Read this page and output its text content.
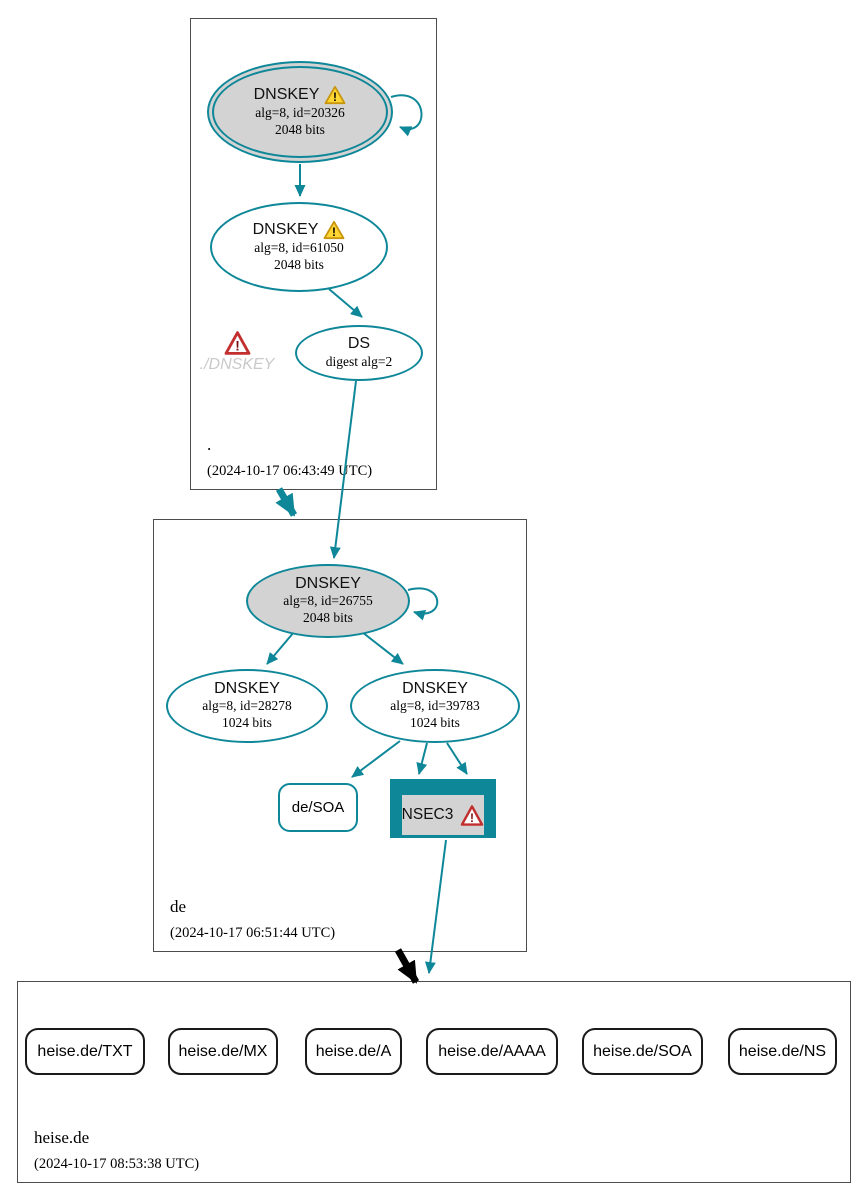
.
(2024-10-17 06:43:49 UTC)
de
(2024-10-17 06:51:44 UTC)
heise.de
(2024-10-17 08:53:38 UTC)
DNSKEY !
alg=8, id=20326
2048 bits
DNSKEY !
alg=8, id=61050
2048 bits
!
./DNSKEY
DS
digest alg=2
DNSKEY
alg=8, id=26755
2048 bits
DNSKEY
alg=8, id=28278
1024 bits
DNSKEY
alg=8, id=39783
1024 bits
de/SOA	NSEC3 !
heise.de/TXT	heise.de/MX	heise.de/A	heise.de/AAAA	heise.de/SOA	heise.de/NS
